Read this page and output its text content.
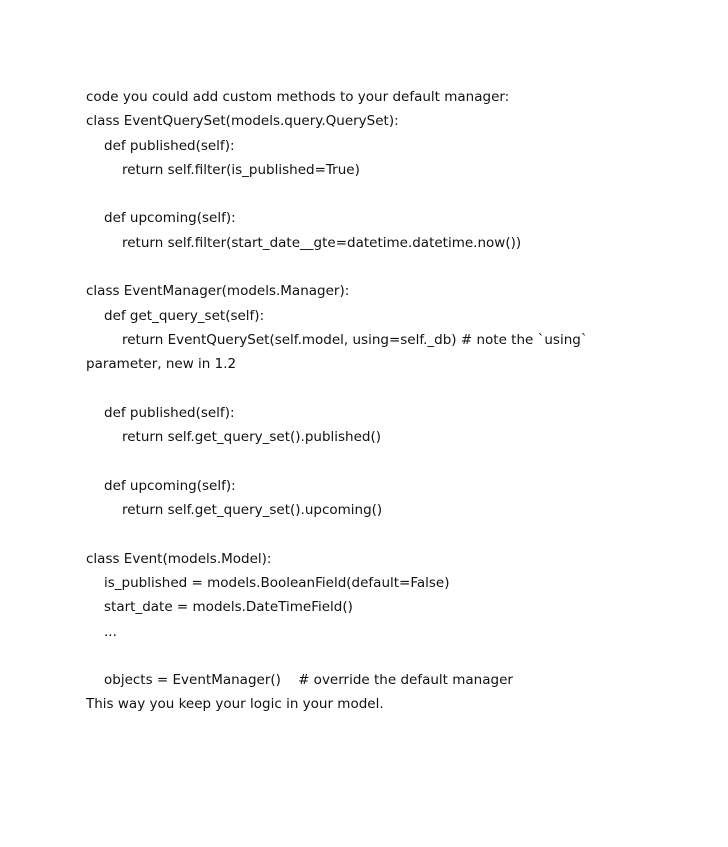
code you could add custom methods to your default manager:
class EventQuerySet(models.query.QuerySet):
def published(self):
return self.filter(is_published=True)
def upcoming(self):
return self.filter(start_date__gte=datetime.datetime.now())
class EventManager(models.Manager):
def get_query_set(self):
return EventQuerySet(self.model, using=self._db) # note the `using`
parameter, new in 1.2
def published(self):
return self.get_query_set().published()
def upcoming(self):
return self.get_query_set().upcoming()
class Event(models.Model):
is_published = models.BooleanField(default=False)
start_date = models.DateTimeField()
...
objects = EventManager()    # override the default manager
This way you keep your logic in your model.
